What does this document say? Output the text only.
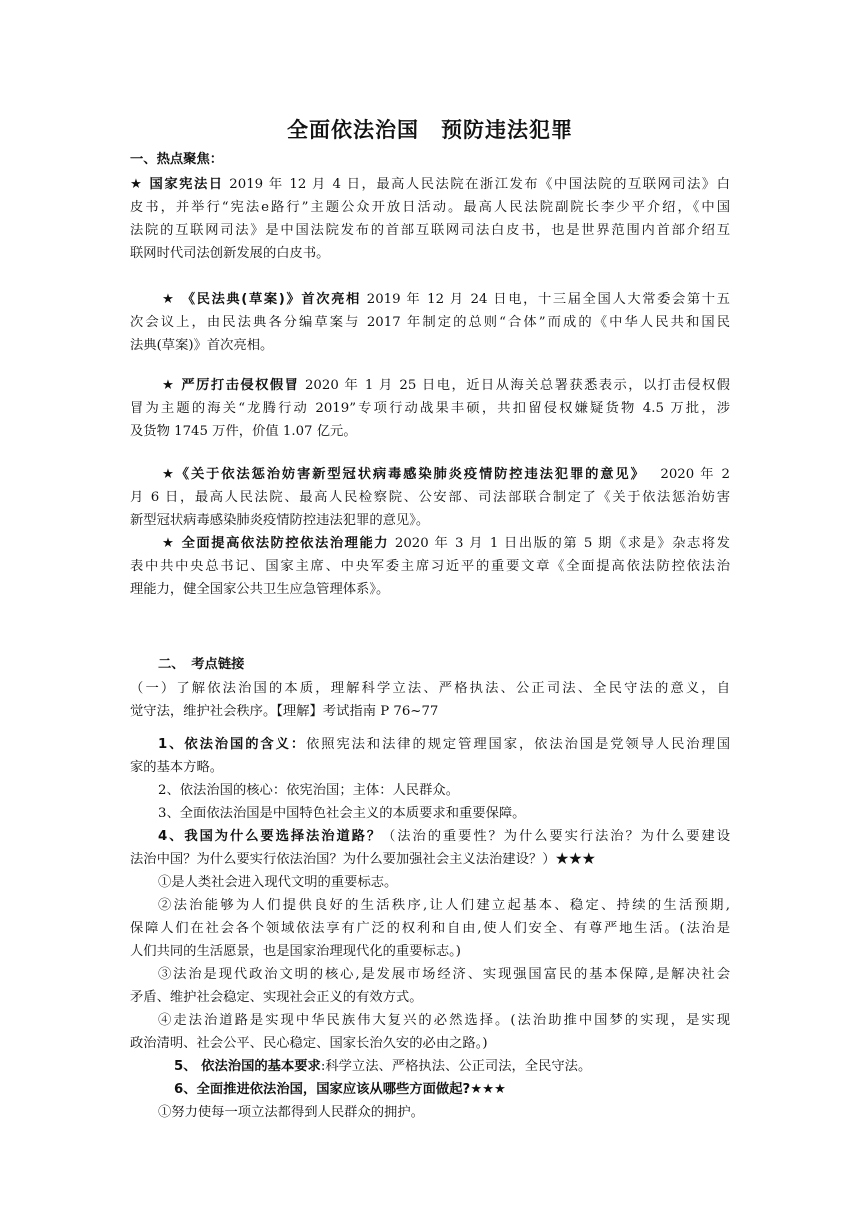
全面依法治国　预防违法犯罪
一、热点聚焦：
★ 国家宪法日 2019 年 12 月 4 日，最高人民法院在浙江发布《中国法院的互联网司法》白
皮书，并举行“宪法e路行”主题公众开放日活动。最高人民法院副院长李少平介绍，《中国
法院的互联网司法》是中国法院发布的首部互联网司法白皮书，也是世界范围内首部介绍互
联网时代司法创新发展的白皮书。
★ 《民法典(草案)》首次亮相 2019 年 12 月 24 日电，十三届全国人大常委会第十五
次会议上，由民法典各分编草案与 2017 年制定的总则“合体”而成的《中华人民共和国民
法典(草案)》首次亮相。
★ 严厉打击侵权假冒 2020 年 1 月 25 日电，近日从海关总署获悉表示，以打击侵权假
冒为主题的海关“龙腾行动 2019”专项行动战果丰硕，共扣留侵权嫌疑货物 4.5 万批，涉
及货物 1745 万件，价值 1.07 亿元。
★《关于依法惩治妨害新型冠状病毒感染肺炎疫情防控违法犯罪的意见》　 2020 年 2
月 6 日，最高人民法院、最高人民检察院、公安部、司法部联合制定了《关于依法惩治妨害
新型冠状病毒感染肺炎疫情防控违法犯罪的意见》。
★ 全面提高依法防控依法治理能力 2020 年 3 月 1 日出版的第 5 期《求是》杂志将发
表中共中央总书记、国家主席、中央军委主席习近平的重要文章《全面提高依法防控依法治
理能力，健全国家公共卫生应急管理体系》。
二、　考点链接
（一）了解依法治国的本质，理解科学立法、严格执法、公正司法、全民守法的意义，自
觉守法，维护社会秩序。【理解】考试指南 P 76~77
1、依法治国的含义：依照宪法和法律的规定管理国家，依法治国是党领导人民治理国
家的基本方略。
2、依法治国的核心：依宪治国；主体：人民群众。
3、全面依法治国是中国特色社会主义的本质要求和重要保障。
4、我国为什么要选择法治道路？（法治的重要性？为什么要实行法治？为什么要建设
法治中国？为什么要实行依法治国？为什么要加强社会主义法治建设？）★★★
①是人类社会进入现代文明的重要标志。
②法治能够为人们提供良好的生活秩序,让人们建立起基本、稳定、持续的生活预期,
保障人们在社会各个领域依法享有广泛的权利和自由,使人们安全、有尊严地生活。(法治是
人们共同的生活愿景，也是国家治理现代化的重要标志。)
③法治是现代政治文明的核心,是发展市场经济、实现强国富民的基本保障,是解决社会
矛盾、维护社会稳定、实现社会正义的有效方式。
④走法治道路是实现中华民族伟大复兴的必然选择。(法治助推中国梦的实现，是实现
政治清明、社会公平、民心稳定、国家长治久安的必由之路。)
5、 依法治国的基本要求:科学立法、严格执法、公正司法，全民守法。
6、全面推进依法治国，国家应该从哪些方面做起?★★★
①努力使每一项立法都得到人民群众的拥护。
